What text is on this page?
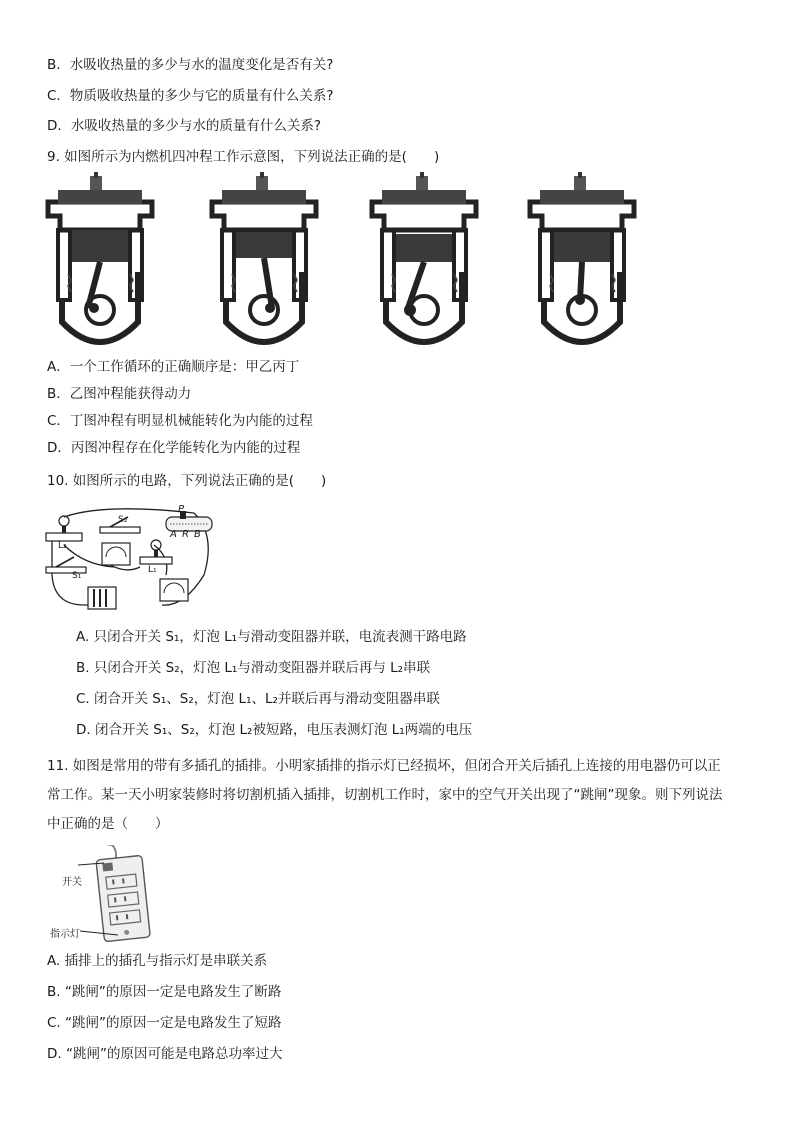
B．水吸收热量的多少与水的温度变化是否有关?
C．物质吸收热量的多少与它的质量有什么关系?
D．水吸收热量的多少与水的质量有什么关系?
9. 如图所示为内燃机四冲程工作示意图，下列说法正确的是(　　)
A．一个工作循环的正确顺序是：甲乙丙丁
B．乙图冲程能获得动力
C．丁图冲程有明显机械能转化为内能的过程
D．丙图冲程存在化学能转化为内能的过程
10. 如图所示的电路，下列说法正确的是(　　)
P
A R B
S₂
S₁
L₂
L₁
A. 只闭合开关 S₁，灯泡 L₁与滑动变阻器并联，电流表测干路电路
B. 只闭合开关 S₂，灯泡 L₁与滑动变阻器并联后再与 L₂串联
C. 闭合开关 S₁、S₂，灯泡 L₁、L₂并联后再与滑动变阻器串联
D. 闭合开关 S₁、S₂，灯泡 L₂被短路，电压表测灯泡 L₁两端的电压
11. 如图是常用的带有多插孔的插排。小明家插排的指示灯已经损坏，但闭合开关后插孔上连接的用电器仍可以正
常工作。某一天小明家装修时将切割机插入插排，切割机工作时，家中的空气开关出现了“跳闸”现象。则下列说法
中正确的是（　　）
开关
指示灯
A. 插排上的插孔与指示灯是串联关系
B. “跳闸”的原因一定是电路发生了断路
C. “跳闸”的原因一定是电路发生了短路
D. “跳闸”的原因可能是电路总功率过大
